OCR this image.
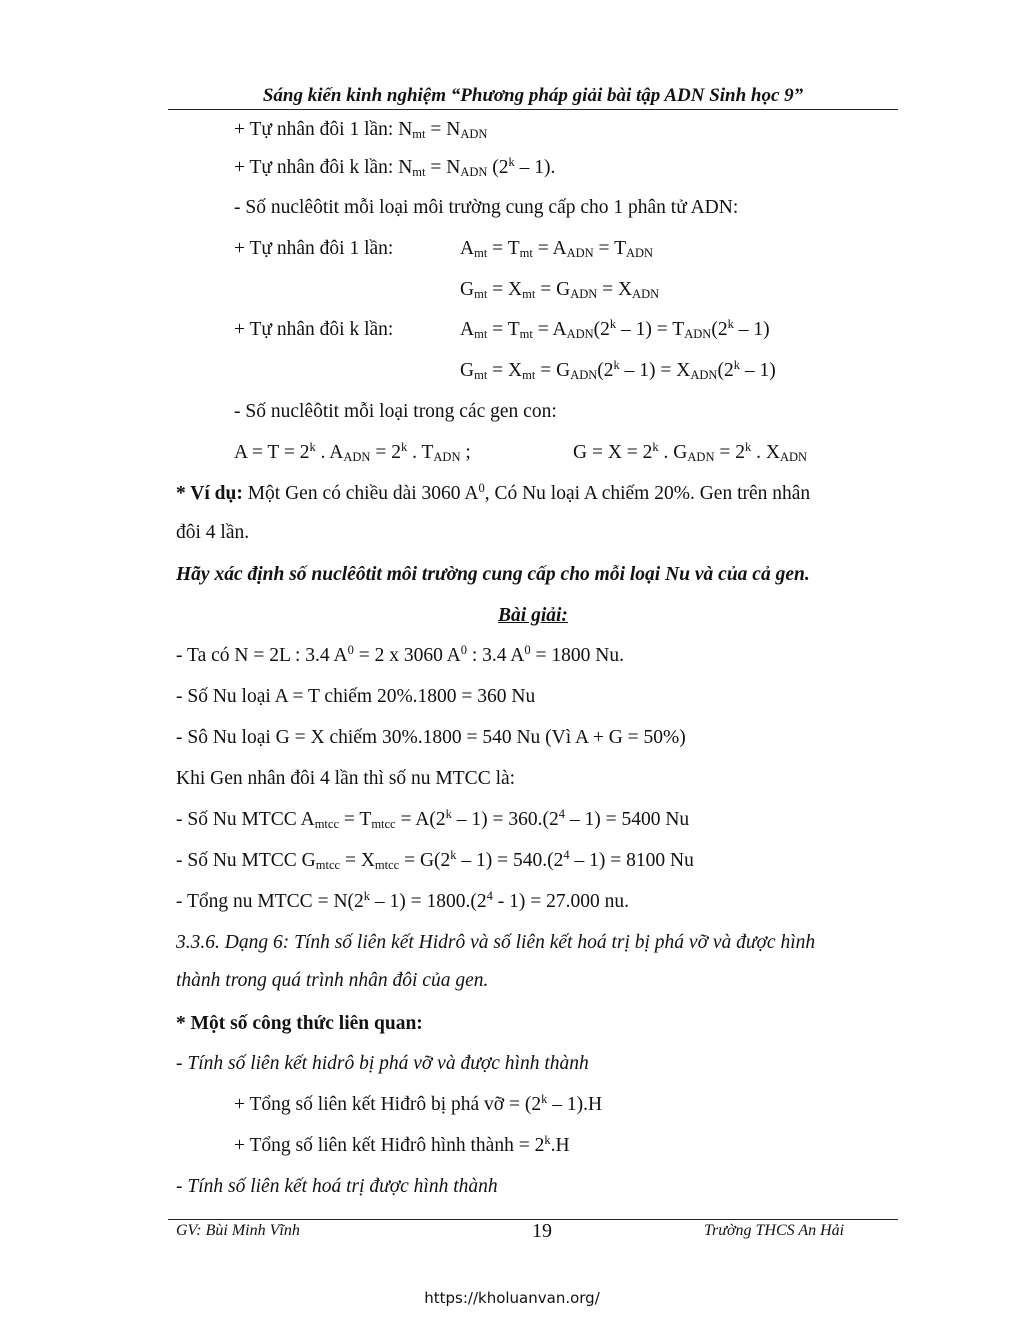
Sáng kiến kinh nghiệm “Phương pháp giải bài tập ADN Sinh học 9”
+ Tự nhân đôi 1 lần: $N_{mt} = N_{ADN}$
+ Tự nhân đôi k lần: $N_{mt} = N_{ADN}$ (2$^k$ – 1).
- Số nuclêôtit mỗi loại môi trường cung cấp cho 1 phân tử ADN:
+ Tự nhân đôi 1 lần:	$A_{mt} = T_{mt} = A_{ADN} = T_{ADN}$
$G_{mt} = X_{mt} = G_{ADN} = X_{ADN}$
+ Tự nhân đôi k lần:	$A_{mt} = T_{mt} = A_{ADN}(2^k - 1) = T_{ADN}(2^k - 1)$
$G_{mt} = X_{mt} = G_{ADN}(2^k - 1) = X_{ADN}(2^k - 1)$
- Số nuclêôtit mỗi loại trong các gen con:
$A = T = 2^k$ . $A_{ADN} = 2^k$ . $T_{ADN}$ ;	$G = X = 2^k$ . $G_{ADN} = 2^k$ . $X_{ADN}$
* Ví dụ: Một Gen có chiều dài 3060 $A^0$, Có Nu loại A chiếm 20%. Gen trên nhân
đôi 4 lần.
Hãy xác định số nuclêôtit môi trường cung cấp cho mỗi loại Nu và của cả gen.
Bài giải:
- Ta có N = 2L : 3.4 $A^0 = 2$ x 3060 $A^0$ : 3.4 $A^0 = 1800$ Nu.
- Số Nu loại A = T chiếm 20%.1800 = 360 Nu
- Sô Nu loại G = X chiếm 30%.1800 = 540 Nu (Vì A + G = 50%)
Khi Gen nhân đôi 4 lần thì số nu MTCC là:
- Số Nu MTCC $A_{mtcc} = T_{mtcc} = A(2^k - 1) = 360.(2^4 - 1) = 5400$ Nu
- Số Nu MTCC $G_{mtcc} = X_{mtcc} = G(2^k - 1) = 540.(2^4 - 1) = 8100$ Nu
- Tổng nu MTCC = $N(2^k - 1) = 1800.(2^4 - 1) = 27.000$ nu.
3.3.6. Dạng 6: Tính số liên kết Hidrô và số liên kết hoá trị bị phá vỡ và được hình
thành trong quá trình nhân đôi của gen.
* Một số công thức liên quan:
- Tính số liên kết hidrô bị phá vỡ và được hình thành
+ Tổng số liên kết Hiđrô bị phá vỡ = $(2^k - 1).H$
+ Tổng số liên kết Hiđrô hình thành = $2^k.H$
- Tính số liên kết hoá trị được hình thành
GV: Bùi Minh Vĩnh	19	Trường THCS An Hải
https://kholuanvan.org/
